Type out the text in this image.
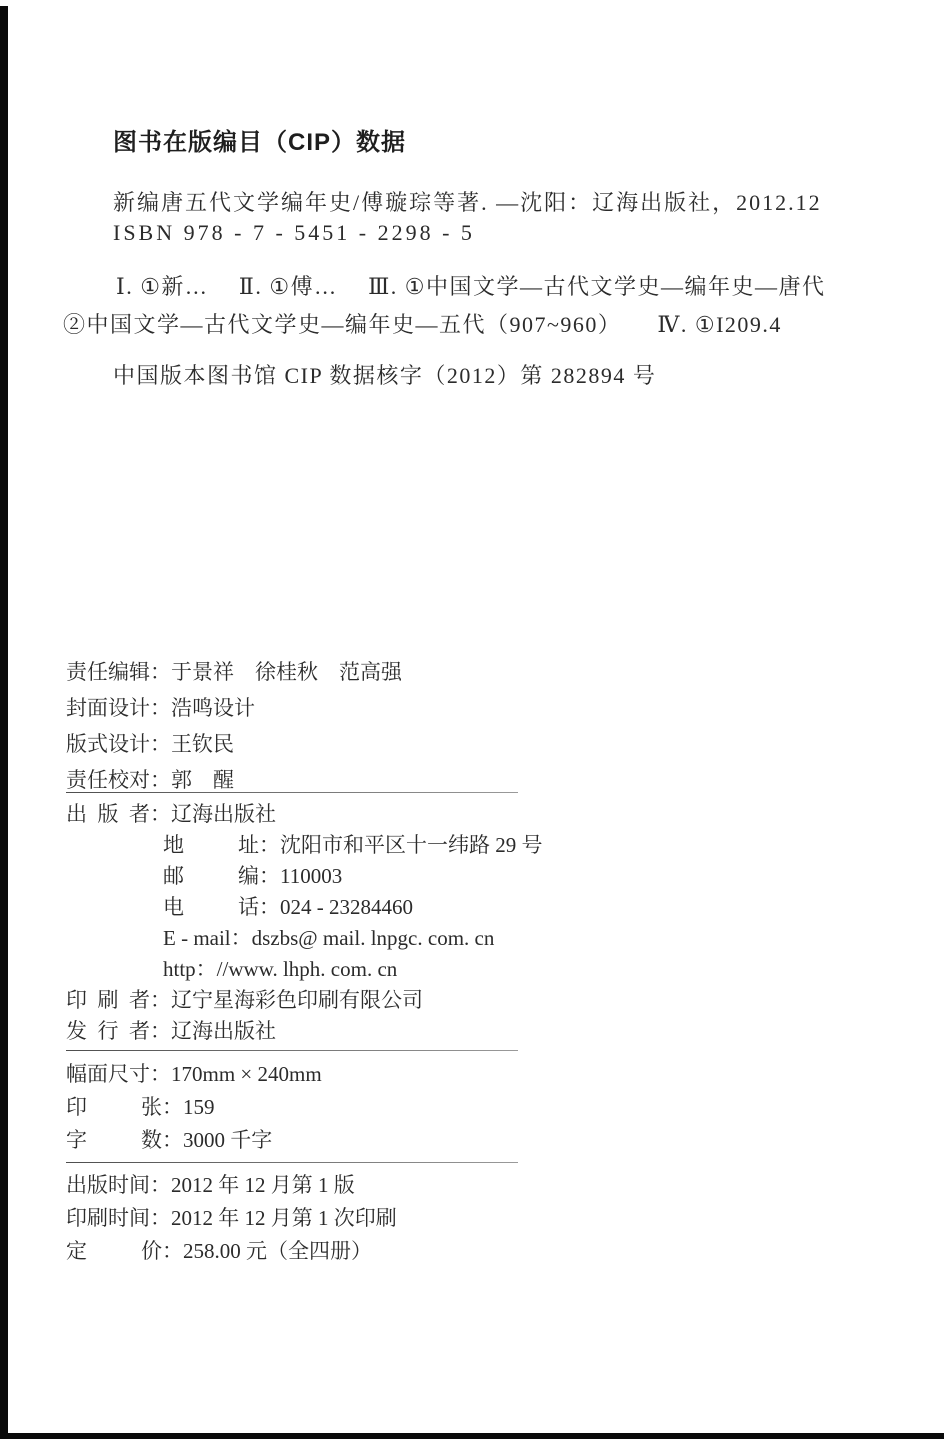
图书在版编目（CIP）数据
新编唐五代文学编年史/傅璇琮等著. —沈阳：辽海出版社，2012.12
ISBN 978 - 7 - 5451 - 2298 - 5
Ⅰ. ①新…　 Ⅱ. ①傅…　 Ⅲ. ①中国文学—古代文学史—编年史—唐代
②中国文学—古代文学史—编年史—五代（907~960）　　Ⅳ. ①I209.4
中国版本图书馆 CIP 数据核字（2012）第 282894 号
责任编辑：于景祥　徐桂秋　范高强
封面设计：浩鸣设计
版式设计：王钦民
责任校对：郭　醒
出版者：辽海出版社
地址：沈阳市和平区十一纬路 29 号
邮编：110003
电话：024 - 23284460
E - mail：dszbs@ mail. lnpgc. com. cn
http：//www. lhph. com. cn
印刷者：辽宁星海彩色印刷有限公司
发行者：辽海出版社
幅面尺寸：170mm × 240mm
印张：159
字数：3000 千字
出版时间：2012 年 12 月第 1 版
印刷时间：2012 年 12 月第 1 次印刷
定价：258.00 元（全四册）
